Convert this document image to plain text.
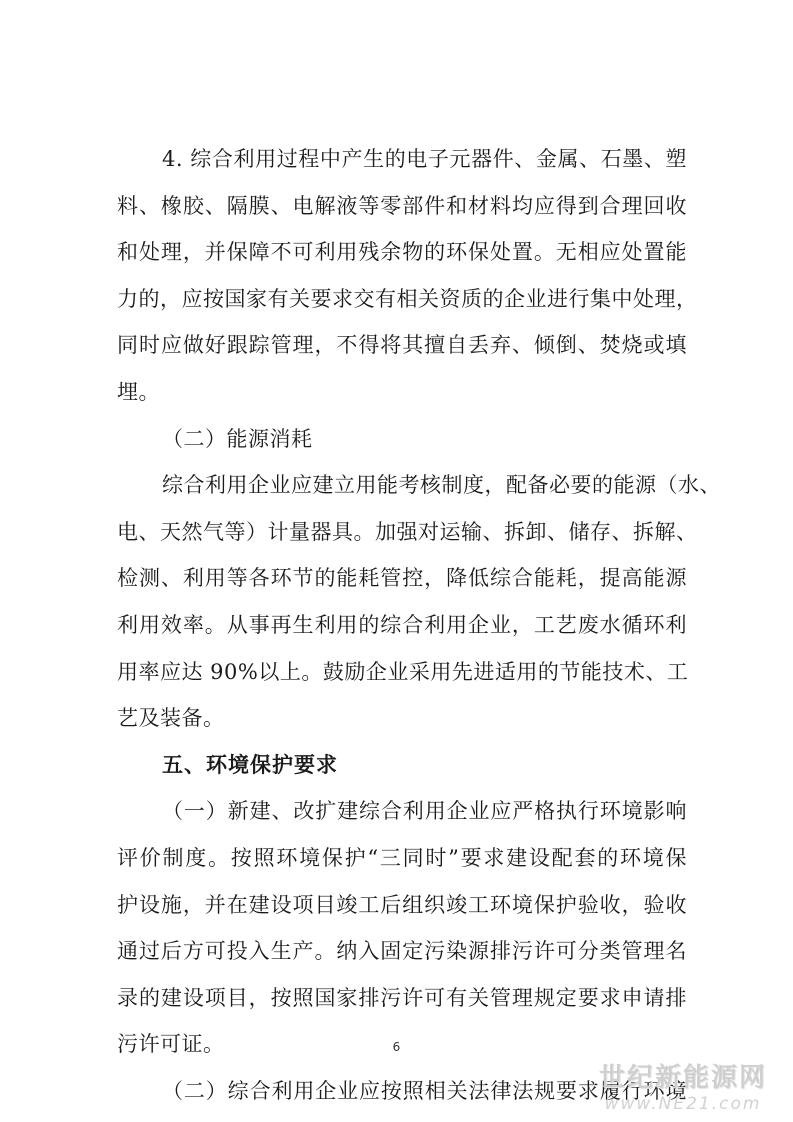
4. 综合利用过程中产生的电子元器件、金属、石墨、塑
料、橡胶、隔膜、电解液等零部件和材料均应得到合理回收
和处理，并保障不可利用残余物的环保处置。无相应处置能
力的，应按国家有关要求交有相关资质的企业进行集中处理，
同时应做好跟踪管理，不得将其擅自丢弃、倾倒、焚烧或填
埋。
（二）能源消耗
综合利用企业应建立用能考核制度，配备必要的能源（水、
电、天然气等）计量器具。加强对运输、拆卸、储存、拆解、
检测、利用等各环节的能耗管控，降低综合能耗，提高能源
利用效率。从事再生利用的综合利用企业，工艺废水循环利
用率应达 90%以上。鼓励企业采用先进适用的节能技术、工
艺及装备。
五、环境保护要求
（一）新建、改扩建综合利用企业应严格执行环境影响
评价制度。按照环境保护“三同时”要求建设配套的环境保
护设施，并在建设项目竣工后组织竣工环境保护验收，验收
通过后方可投入生产。纳入固定污染源排污许可分类管理名
录的建设项目，按照国家排污许可有关管理规定要求申请排
污许可证。
（二）综合利用企业应按照相关法律法规要求履行环境
6
世纪新能源网
www.NE21.com
